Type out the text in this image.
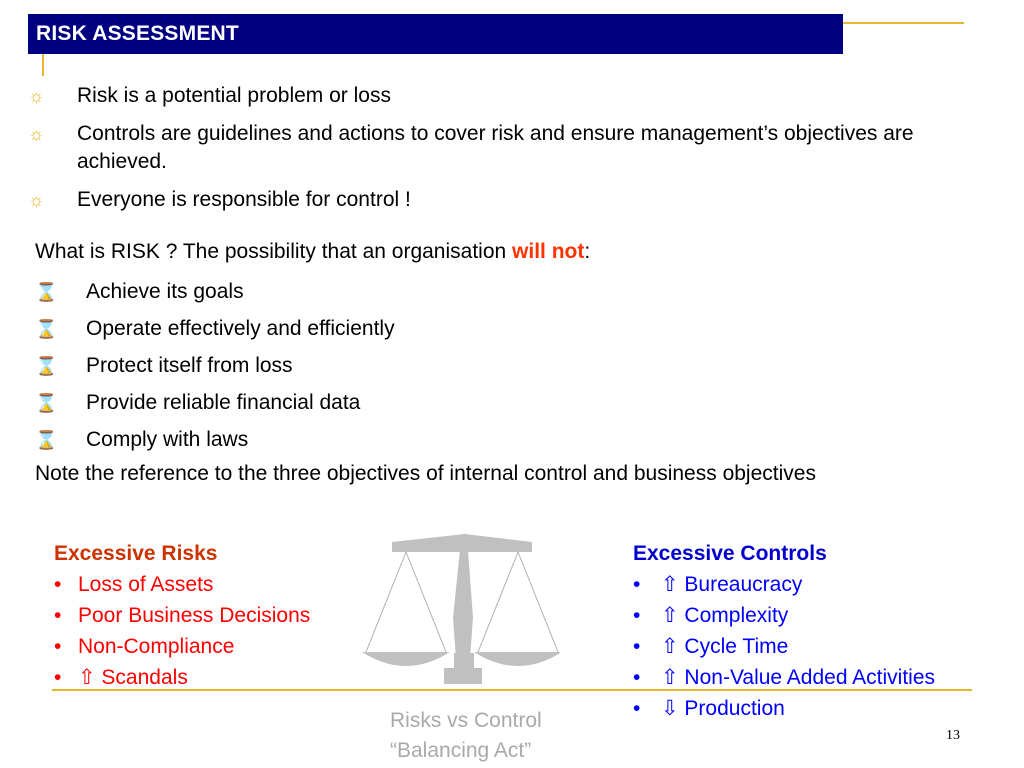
RISK ASSESSMENT
☼ Risk is a potential problem or loss
☼ Controls are guidelines and actions to cover risk and ensure management’s objectives are achieved.
☼ Everyone is responsible for control !
What is RISK ? The possibility that an organisation will not:
⌛ Achieve its goals
⌛ Operate effectively and efficiently
⌛ Protect itself from loss
⌛ Provide reliable financial data
⌛ Comply with laws
Note the reference to the three objectives of internal control and business objectives
Excessive Risks
• Loss of Assets
• Poor Business Decisions
• Non-Compliance
• ⇧ Scandals
Excessive Controls
• ⇧ Bureaucracy
• ⇧ Complexity
• ⇧ Cycle Time
• ⇧ Non-Value Added Activities
• ⇩ Production
Risks vs Control
“Balancing Act”
13
